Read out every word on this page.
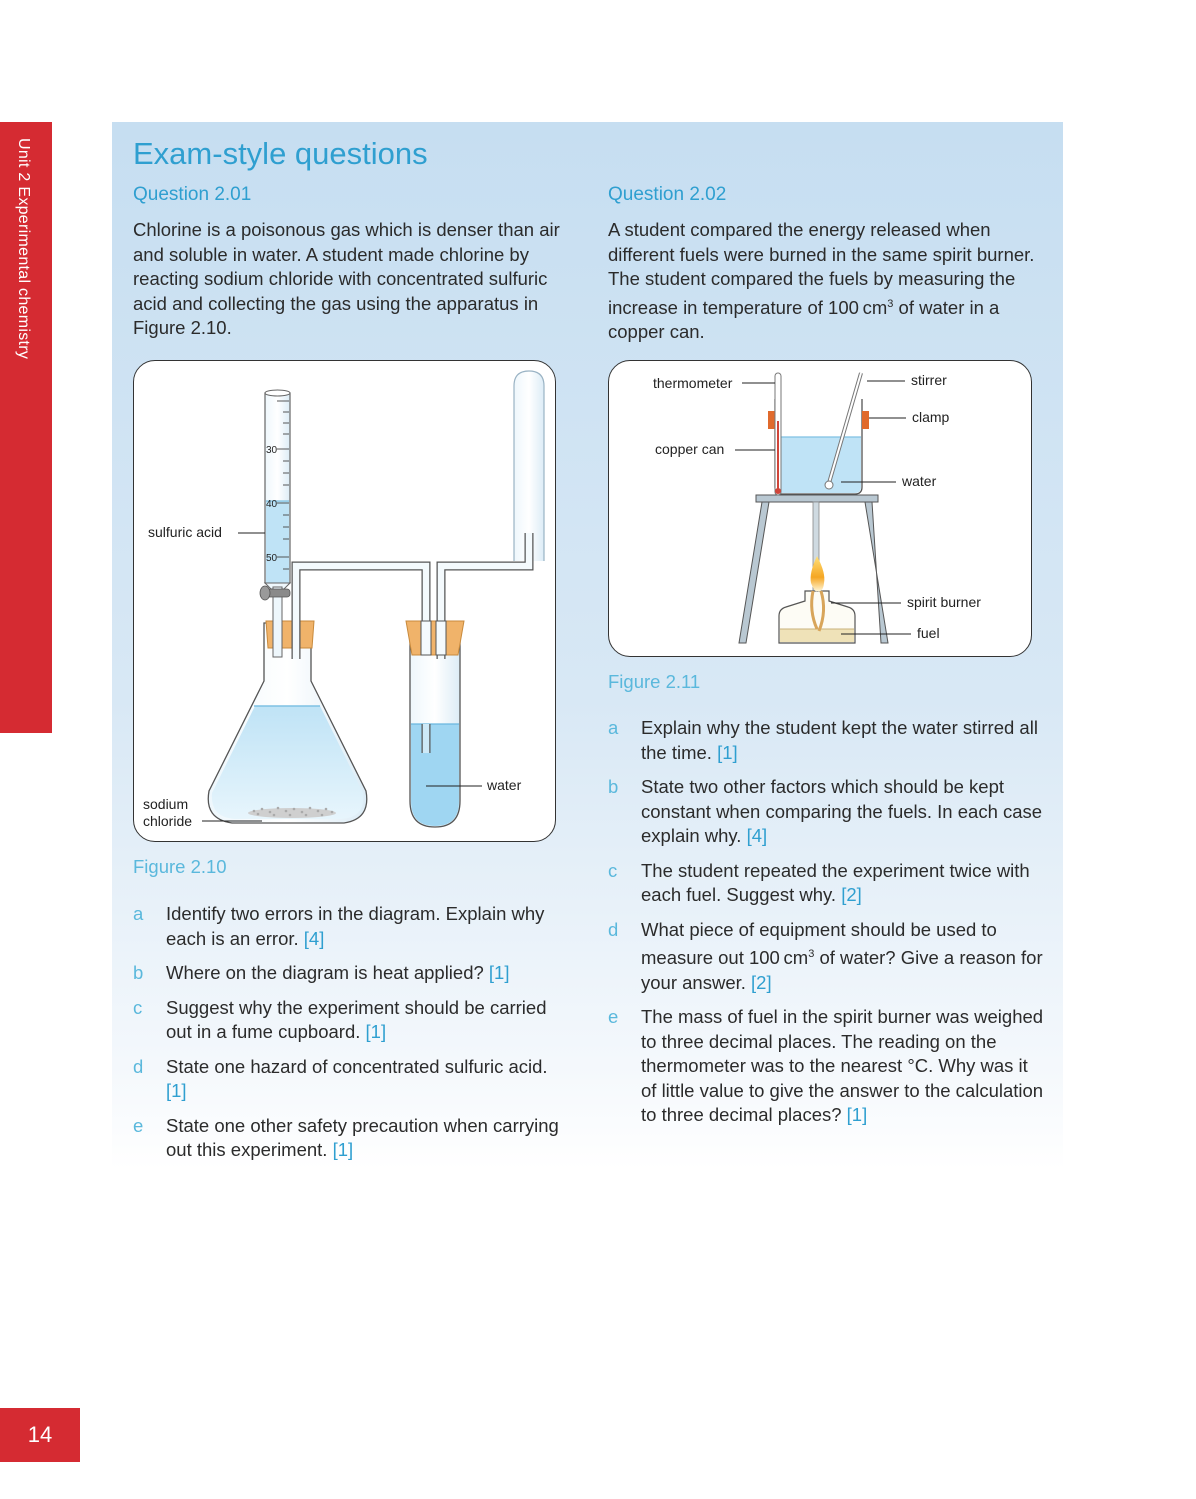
Unit 2 Experimental chemistry
14
Exam-style questions
Question 2.01

Chlorine is a poisonous gas which is denser than air and soluble in water. A student made chlorine by reacting sodium chloride with concentrated sulfuric acid and collecting the gas using the apparatus in Figure 2.10.

30
40
50
sulfuric acid
water
sodium
chloride

Figure 2.10

a Identify two errors in the diagram. Explain why each is an error. [4]
b Where on the diagram is heat applied? [1]
c Suggest why the experiment should be carried out in a fume cupboard. [1]
d State one hazard of concentrated sulfuric acid. [1]
e State one other safety precaution when carrying out this experiment. [1]
Question 2.02

A student compared the energy released when different fuels were burned in the same spirit burner. The student compared the fuels by measuring the increase in temperature of 100 $cm^3$ of water in a copper can.

thermometer	stirrer
clamp
copper can
water
spirit burner
fuel

Figure 2.11

a Explain why the student kept the water stirred all the time. [1]
b State two other factors which should be kept constant when comparing the fuels. In each case explain why. [4]
c The student repeated the experiment twice with each fuel. Suggest why. [2]
d What piece of equipment should be used to measure out 100 $cm^3$ of water? Give a reason for your answer. [2]
e The mass of fuel in the spirit burner was weighed to three decimal places. The reading on the thermometer was to the nearest °C. Why was it of little value to give the answer to the calculation to three decimal places? [1]
